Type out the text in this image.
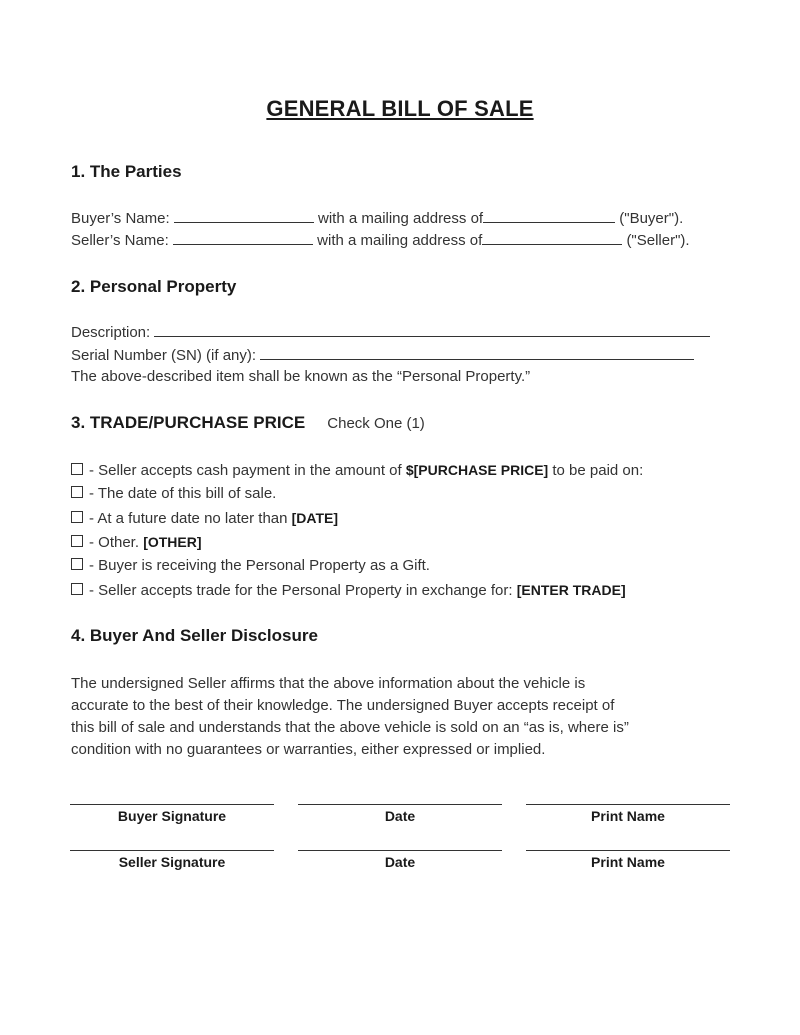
GENERAL BILL OF SALE
1. The Parties
Buyer’s Name:	with a mailing address of	("Buyer").
Seller’s Name:	with a mailing address of	("Seller").
2. Personal Property
Description:
Serial Number (SN) (if any):
The above-described item shall be known as the “Personal Property.”
3. TRADE/PURCHASE PRICE Check One (1)
- Seller accepts cash payment in the amount of $[PURCHASE PRICE] to be paid on:
- The date of this bill of sale.
- At a future date no later than [DATE]
- Other. [OTHER]
- Buyer is receiving the Personal Property as a Gift.
- Seller accepts trade for the Personal Property in exchange for: [ENTER TRADE]
4. Buyer And Seller Disclosure
The undersigned Seller affirms that the above information about the vehicle is
accurate to the best of their knowledge. The undersigned Buyer accepts receipt of
this bill of sale and understands that the above vehicle is sold on an “as is, where is”
condition with no guarantees or warranties, either expressed or implied.
Buyer Signature	Date	Print Name
Seller Signature	Date	Print Name
